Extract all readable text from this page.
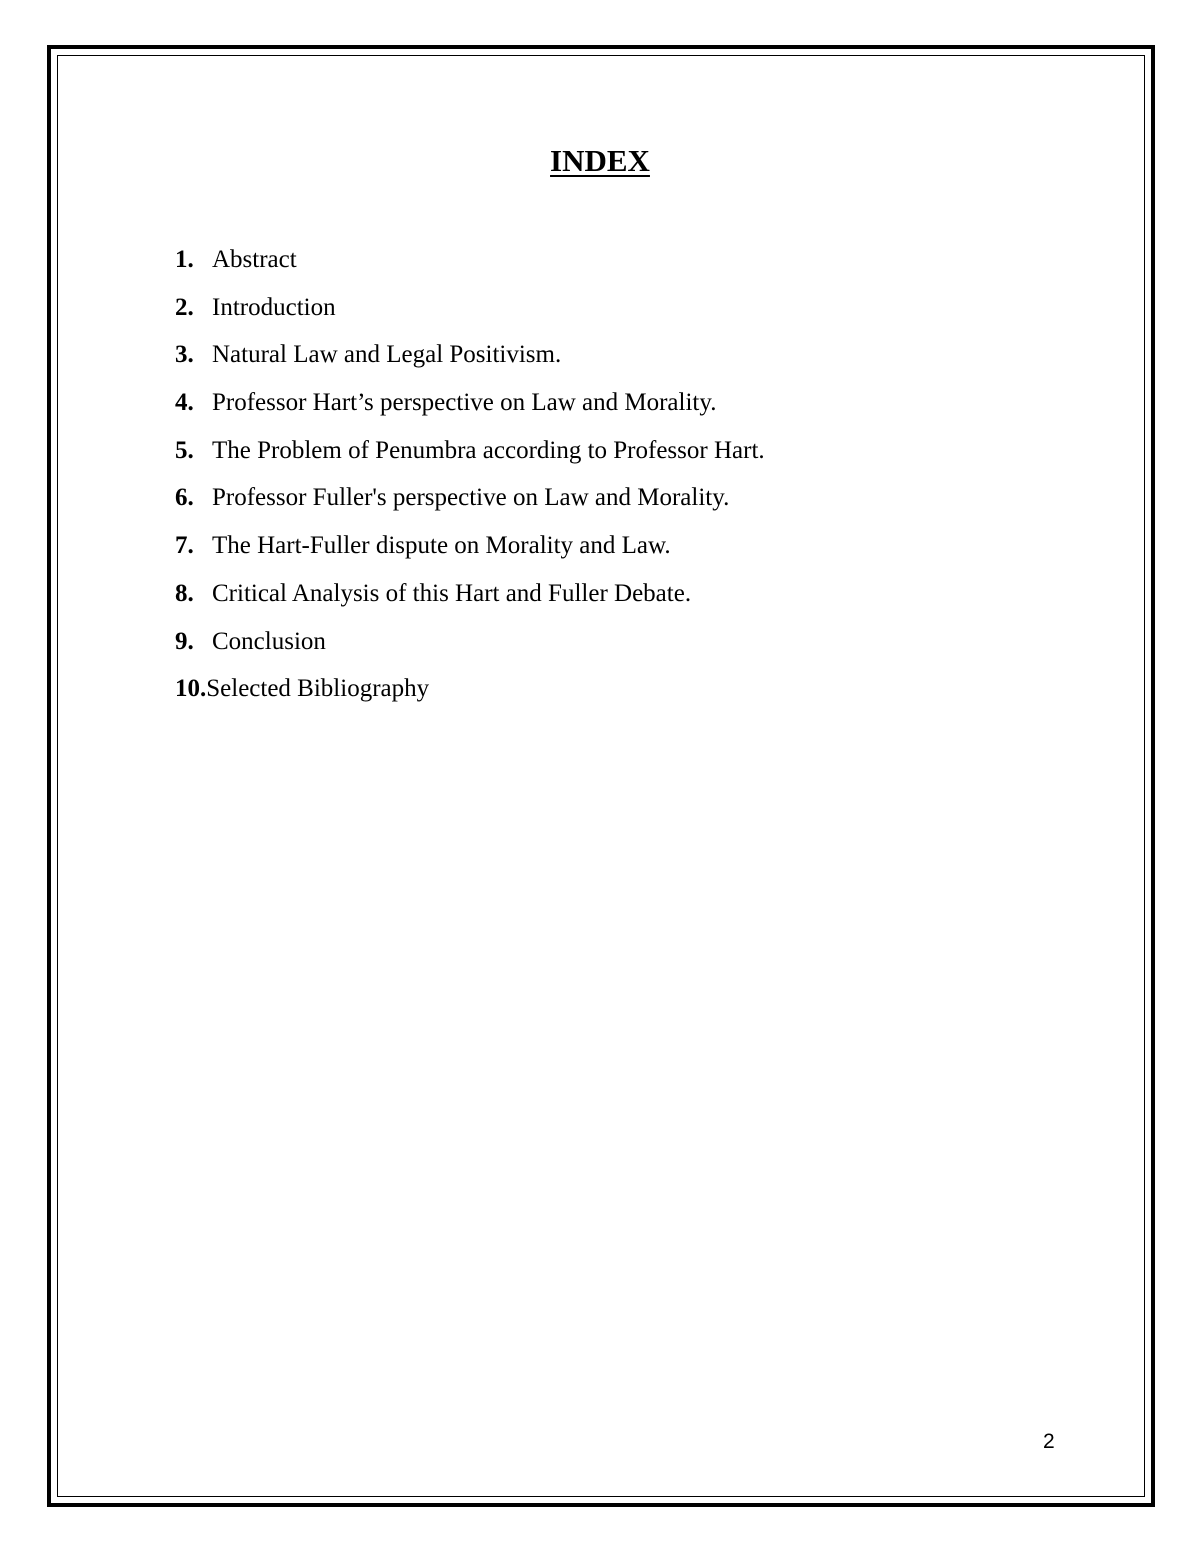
INDEX
1. Abstract
2. Introduction
3. Natural Law and Legal Positivism.
4. Professor Hart’s perspective on Law and Morality.
5. The Problem of Penumbra according to Professor Hart.
6. Professor Fuller's perspective on Law and Morality.
7. The Hart-Fuller dispute on Morality and Law.
8. Critical Analysis of this Hart and Fuller Debate.
9. Conclusion
10.Selected Bibliography
2
